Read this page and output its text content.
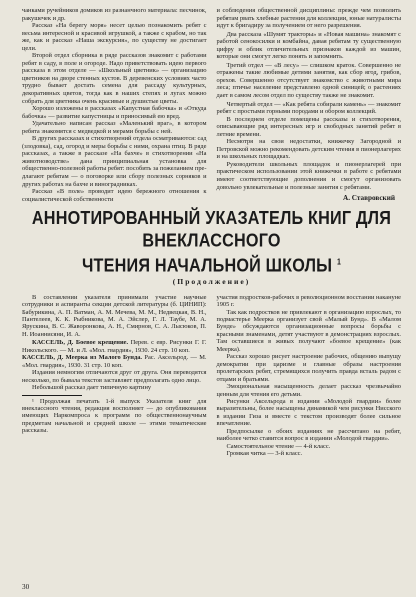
чанками ручейников домиков из разнанчного материала: песчинок, ракушечек и др.

Рассказ «На берегу моря» несет целью познакомить ребят с весьма интересной и красивой игрушкой, а также с крабом, но так же, как и рассказ «Наша экскурсия», по существу не достигает цели.

Второй отдел сборника в ряде рассказов знакомит с работами ребят в саду, в поле и огороде. Надо приветствовать идею первого рассказа в этом отделе — «Школьный цветник» — организацию цветников на дворе стенных кустов. В деревенских условиях часто трудно бывает достать семена для рассаду культурных, декоративных цветов, тогда как в наших степях и лугах можно собрать для цветника очень красивые и душистые цветы.

Хорошо изложены в рассказах «Капустная бабочка» и «Откуда бабочка» — развитие капустницы и приносимый ею вред.

Удачательно написан рассказ «Маленький враг», в котором ребята знакомятся с медведкой и мерами борьбы с ней.

В других рассказах и стихотворений отдела осматриваются: сад (злодовка), сад, огород и меры борьбы с ними, охрана птиц. В ряде рассказах, а также в рассказе «На бахче» в стихотворении «На животноводстве» дана принципиальная установка для общественно-полезной работы ребят: пособить за пожеланием предлагают ребятам — о поговорке или сбору полезных сорняков и других работах на бахче и виноградниках.

Рассказ «В поле» проводит идею бережного отношения к социалистической собственности

и соблюдения общественной дисциплины: прежде чем позволить ребятам рвать хлебные растения для коллекции, юные натуралисты идут к бригадиру за получением от него разрешения.

Два рассказа «Шумят тракторы» и «Новая машина» знакомят с работой сенокосилки и комбайна, давая ребятам ту существенную цифру и облик отличительных признаков каждой из машин, которые они смогут легко понять и запомнить.

Третий отдел — «В лесу» — слишком краток. Совершенно не отражены такие любимые детими занятия, как сбор ягод, грибов, орехов. Совершенно отсутствует знакомство с животными мира леса; птичье население представлено одной синицей; о растениях дает в самом лесом отдел по существу также не знакомит.

Четвертый отдел — «Как ребята собирали камень» — знакомит ребят с простыми горными породами и обором коллекций.

В последнем отделе помещены рассказы и стихотворения, описывающие ряд интересных игр и свободных занятий ребят в летние времени.

Несмотря на свои недостатки, книжечку Загородной и Петровской можно рекомендовать детским чтения в пионерлагерях и на школьных площадках.

Руководители школьных площадок и пионерлагерей при практическом использовании этой книжечки в работе с ребятами имеют соответствующие дополнения и смогут организовать довольно увлекательные и полезные занятия с ребятами.

А. Ставровский
АННОТИРОВАННЫЙ УКАЗАТЕЛЬ КНИГ ДЛЯ ВНЕКЛАССНОГО
ЧТЕНИЯ НАЧАЛЬНОЙ ШКОЛЫ $^1$
(Продолжение)

В составлении указателя принимали участие научные сотрудники и аспиранты секции детской литературы (б. ЦИНИП): Бабурикина, А. П. Ватман, А. М. Мечева, М. М., Недвецкая, В. Н., Пантелеев, К. К. Рыбникова, М. А. Эйслер, Г. Л. Таубе, М. А. Ярускина, В. С. Жаворонкова, А. Н., Смирнов, С. А. Лысюков, П. Н. Иоаннисяни, И. А.

КАССЕЛЬ, Д. Боевое крещение. Перев. с евр. Рисунки Г. Г. Никольского. — М. и Л. «Мол. гвардия», 1930. 24 стр. 10 коп.

КАССЕЛЬ, Д. Меерка из Малого Бунда. Рас. Аксельрод. — М. «Мол. гвардия», 1930. 31 стр. 10 коп.

Издания немногим отличаются друг от друга. Оня переводятся несколько, по бывала текстов заставляет предполагать одно лицо.

Небольшой рассказ дает типичную картину

¹ Продолжая печатать 1-й выпуск Указателя книг для внеклассного чтения, редакция восполняет — до опубликования имеющих Наркомпроса к программ по общественнонаучным предметам начальной и средней школе — этими тематические рассказы.

участия подростков-рабочих в революционном восстании накануне 1905 г.

Так как подростков не привлекают в организацию взрослых, то подмастерье Меерка организует свой «Малый Бунд». В «Малом Бунде» обсуждаются организационные вопросы борьбы с красными знаменами, детят участвуют в демонстрациях взрослых. Там оставшиеся в живых получают «боевое крещение» (как Меерка).

Рассказ хорошо рисует настроение рабочих, общению выпущу демократии при царизме и главные образы настроения пролетарских ребят, стремящихся получить правда всталь радом с отцами и братьями.

Эмоциональная насыщенность делает рассказ чрезвычайно ценным для чтения его детьми.

Рисунки Аксельрода в издании «Молодой гвардии» более выразительны, более насыщены динамикой чем рисунки Нисского в издании Гиза и вместе с текстом производят более сильное впечатление.

Предпосылке о обоих изданиях не рассчитано на ребят, наиболее четко ставится вопрос в издании «Молодой гвардии».

Самостоятельное чтение — 4-й класс.

Громкая читка — 3-й класс.

30
